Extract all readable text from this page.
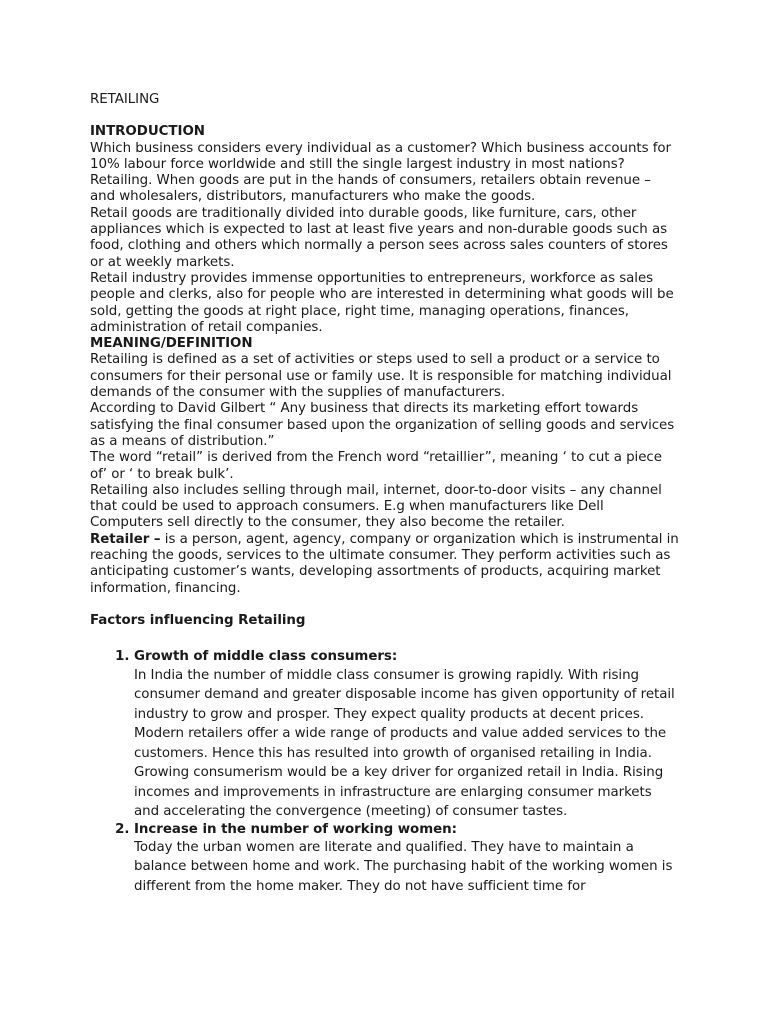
RETAILING
INTRODUCTION

Which business considers every individual as a customer? Which business accounts for 10% labour force worldwide and still the single largest industry in most nations? Retailing. When goods are put in the hands of consumers, retailers obtain revenue – and wholesalers, distributors, manufacturers who make the goods.

Retail goods are traditionally divided into durable goods, like furniture, cars, other appliances which is expected to last at least five years and non-durable goods such as food, clothing and others which normally a person sees across sales counters of stores or at weekly markets.

Retail industry provides immense opportunities to entrepreneurs, workforce as sales people and clerks, also for people who are interested in determining what goods will be sold, getting the goods at right place, right time, managing operations, finances, administration of retail companies.

MEANING/DEFINITION

Retailing is defined as a set of activities or steps used to sell a product or a service to consumers for their personal use or family use. It is responsible for matching individual demands of the consumer with the supplies of manufacturers.

According to David Gilbert “ Any business that directs its marketing effort towards satisfying the final consumer based upon the organization of selling goods and services as a means of distribution.”

The word “retail” is derived from the French word “retaillier”, meaning ‘ to cut a piece of’ or ‘ to break bulk’.

Retailing also includes selling through mail, internet, door-to-door visits – any channel that could be used to approach consumers. E.g when manufacturers like Dell Computers sell directly to the consumer, they also become the retailer.

Retailer – is a person, agent, agency, company or organization which is instrumental in reaching the goods, services to the ultimate consumer. They perform activities such as anticipating customer’s wants, developing assortments of products, acquiring market information, financing.

Factors influencing Retailing
1. Growth of middle class consumers:

In India the number of middle class consumer is growing rapidly. With rising consumer demand and greater disposable income has given opportunity of retail industry to grow and prosper. They expect quality products at decent prices. Modern retailers offer a wide range of products and value added services to the customers. Hence this has resulted into growth of organised retailing in India.

Growing consumerism would be a key driver for organized retail in India. Rising incomes and improvements in infrastructure are enlarging consumer markets and accelerating the convergence (meeting) of consumer tastes.

2. Increase in the number of working women:

Today the urban women are literate and qualified. They have to maintain a balance between home and work. The purchasing habit of the working women is different from the home maker. They do not have sufficient time for
